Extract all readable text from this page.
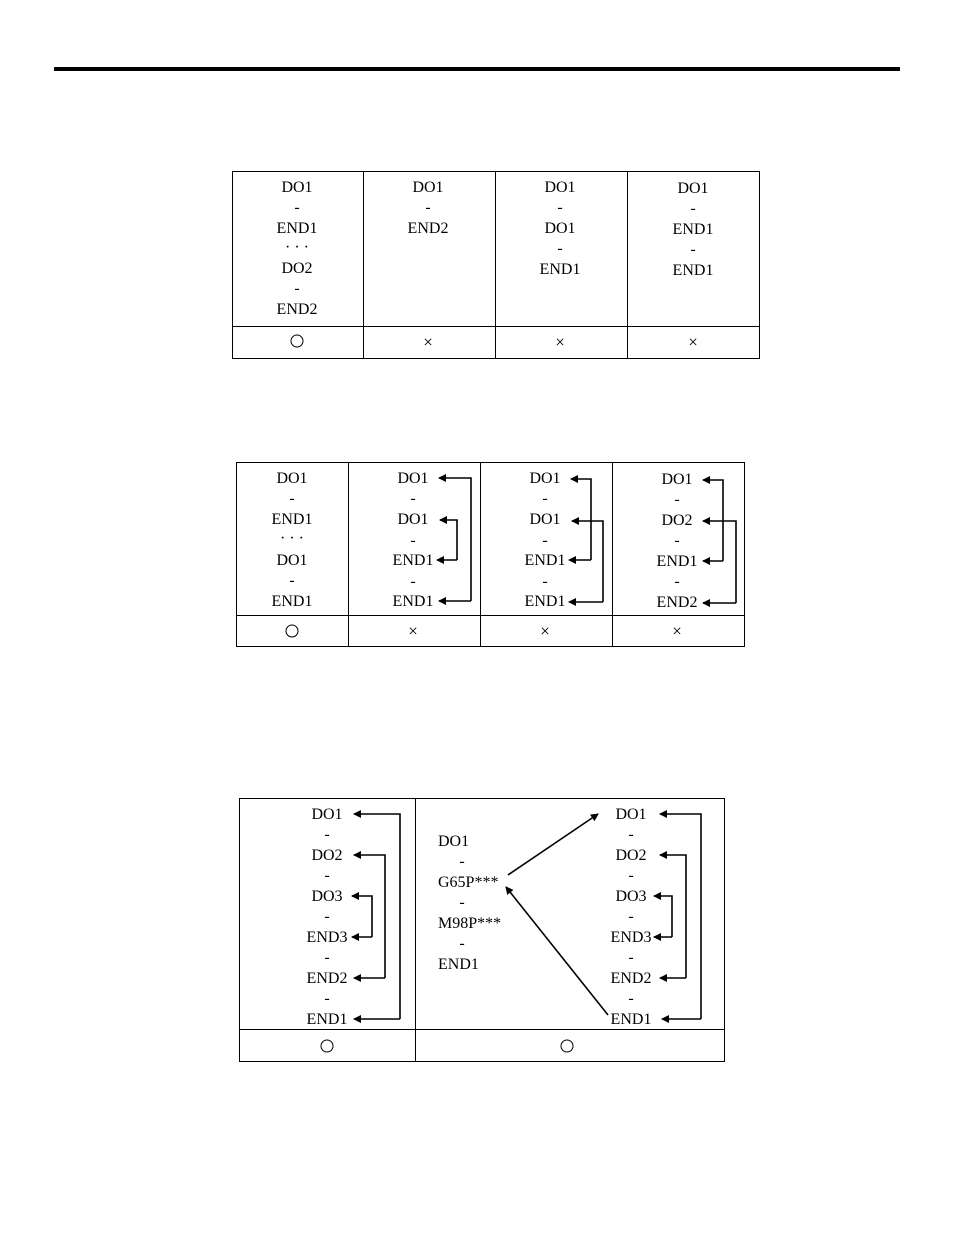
DO1
-
END1
· · ·
DO2
-
END2
DO1
-
END2
×
DO1
-
DO1
-
END1
×
DO1
-
END1
-
END1
×
DO1
-
END1
· · ·
DO1
-
END1
DO1
-
DO1
-
END1
-
END1
×
DO1
-
DO1
-
END1
-
END1
×
DO1
-
DO2
-
END1
-
END2
×
DO1
-
DO2
-
DO3
-
END3
-
END2
-
END1
DO1
-
G65P***
-
M98P***
-
END1
DO1
-
DO2
-
DO3
-
END3
-
END2
-
END1
